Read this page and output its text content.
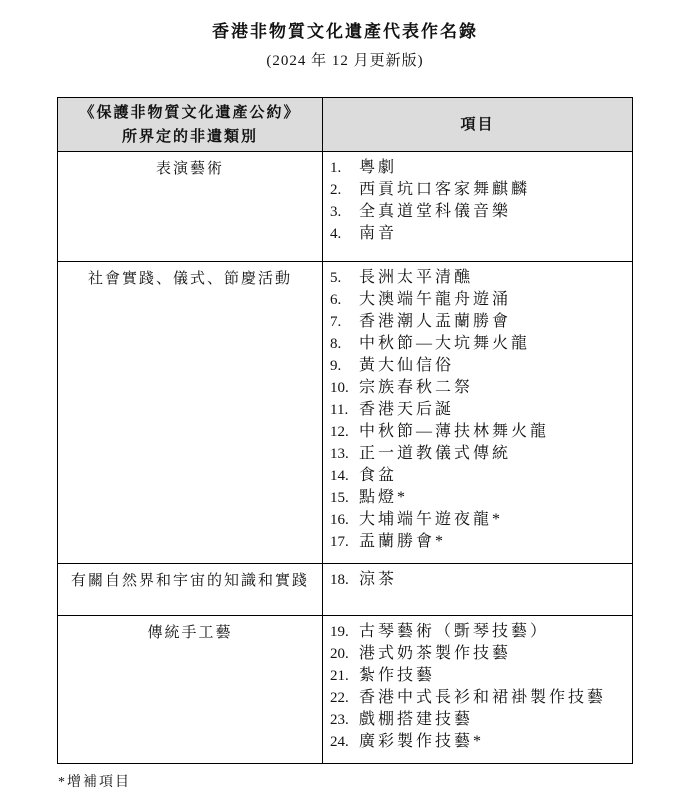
香港非物質文化遺產代表作名錄
(2024 年 12 月更新版)
《保護非物質文化遺產公約》
所界定的非遺類別	項目
表演藝術	1. 粵劇
2. 西貢坑口客家舞麒麟
3. 全真道堂科儀音樂
4. 南音

社會實踐、儀式、節慶活動	5. 長洲太平清醮
6. 大澳端午龍舟遊涌
7. 香港潮人盂蘭勝會
8. 中秋節—大坑舞火龍
9. 黃大仙信俗
10. 宗族春秋二祭
11. 香港天后誕
12. 中秋節—薄扶林舞火龍
13. 正一道教儀式傳統
14. 食盆
15. 點燈*
16. 大埔端午遊夜龍*
17. 盂蘭勝會*

有關自然界和宇宙的知識和實踐	18. 涼茶

傳統手工藝	19. 古琴藝術（斲琴技藝）
20. 港式奶茶製作技藝
21. 紮作技藝
22. 香港中式長衫和裙褂製作技藝
23. 戲棚搭建技藝
24. 廣彩製作技藝*
*增補項目
